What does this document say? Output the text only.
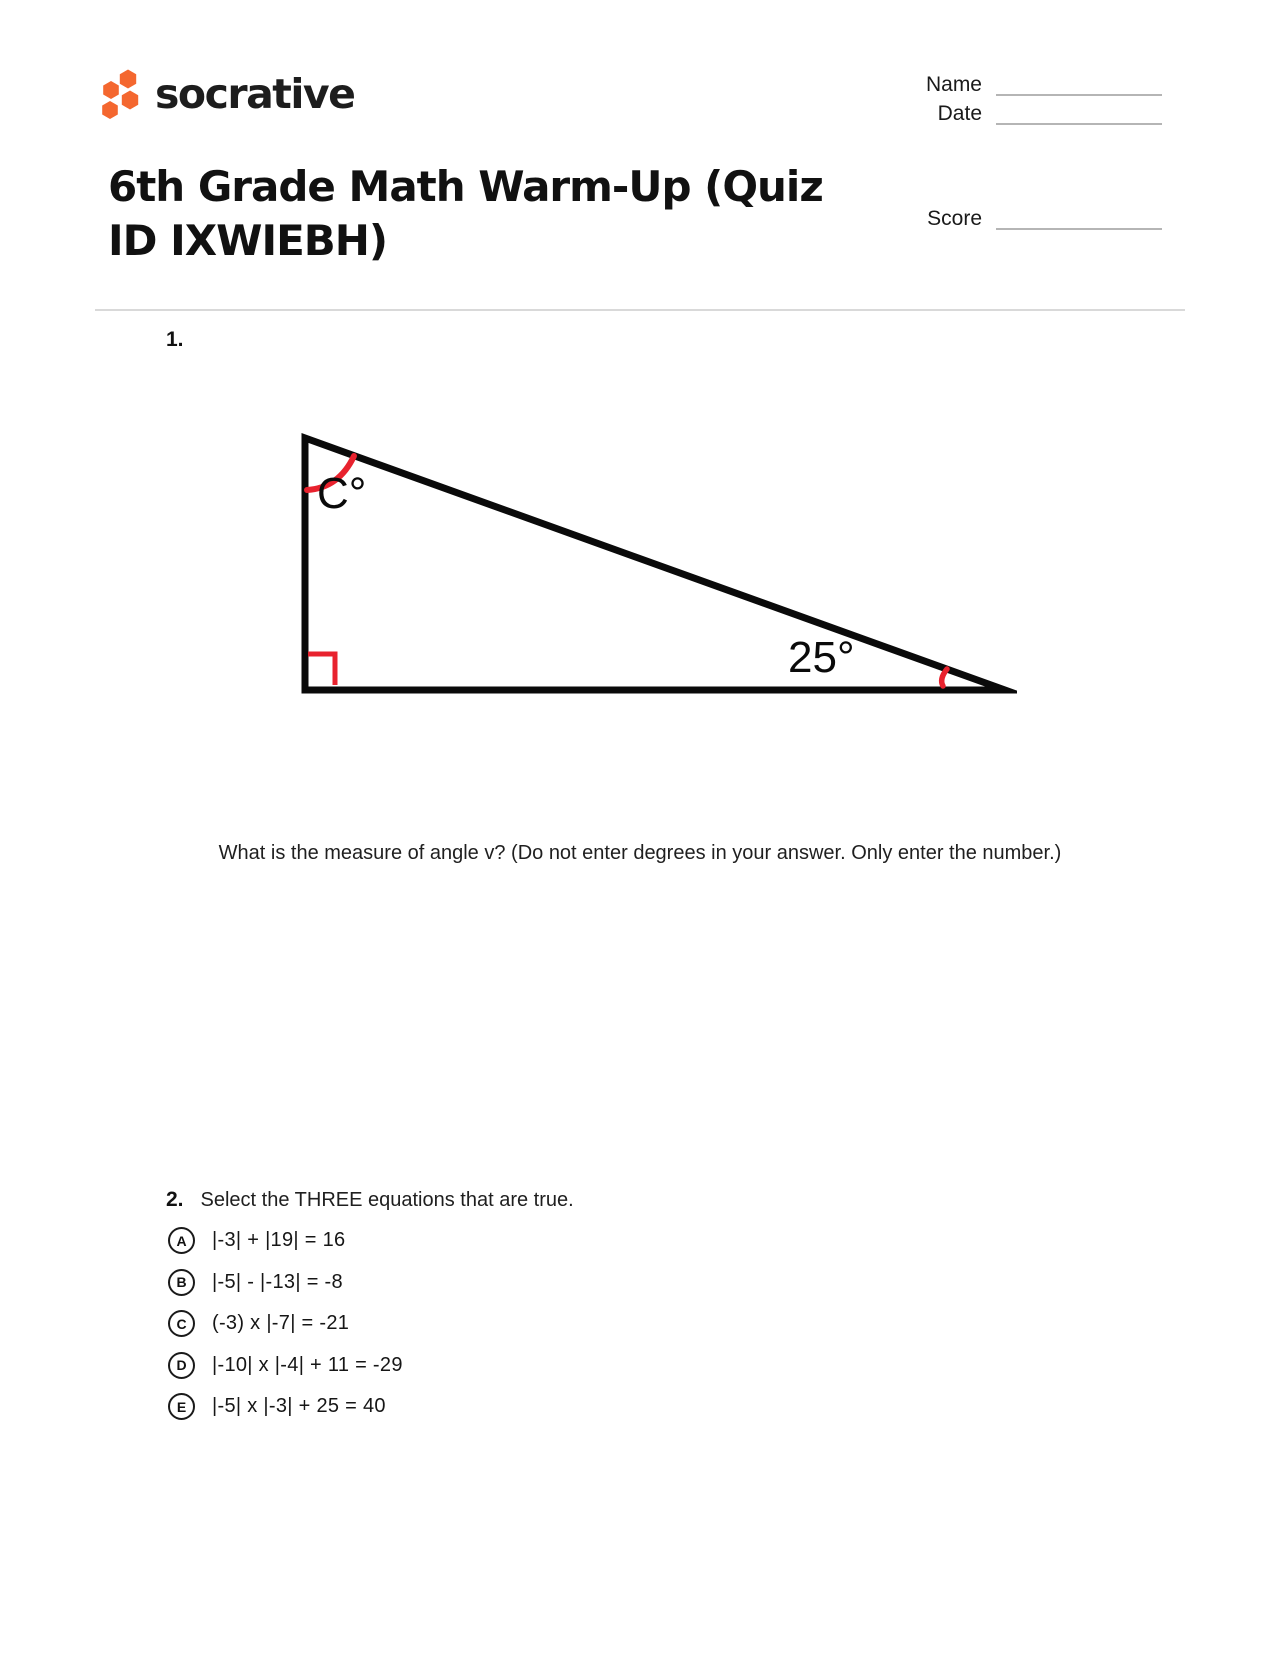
socrative	Name
Date
6th Grade Math Warm-Up (Quiz ID IXWIEBH)	Score
1.
C°
25°
What is the measure of angle v? (Do not enter degrees in your answer. Only enter the number.)
2. Select the THREE equations that are true.
A	|-3| + |19| = 16
B	|-5| - |-13| = -8
C	(-3) x |-7| = -21
D	|-10| x |-4| + 11 = -29
E	|-5| x |-3| + 25 = 40
